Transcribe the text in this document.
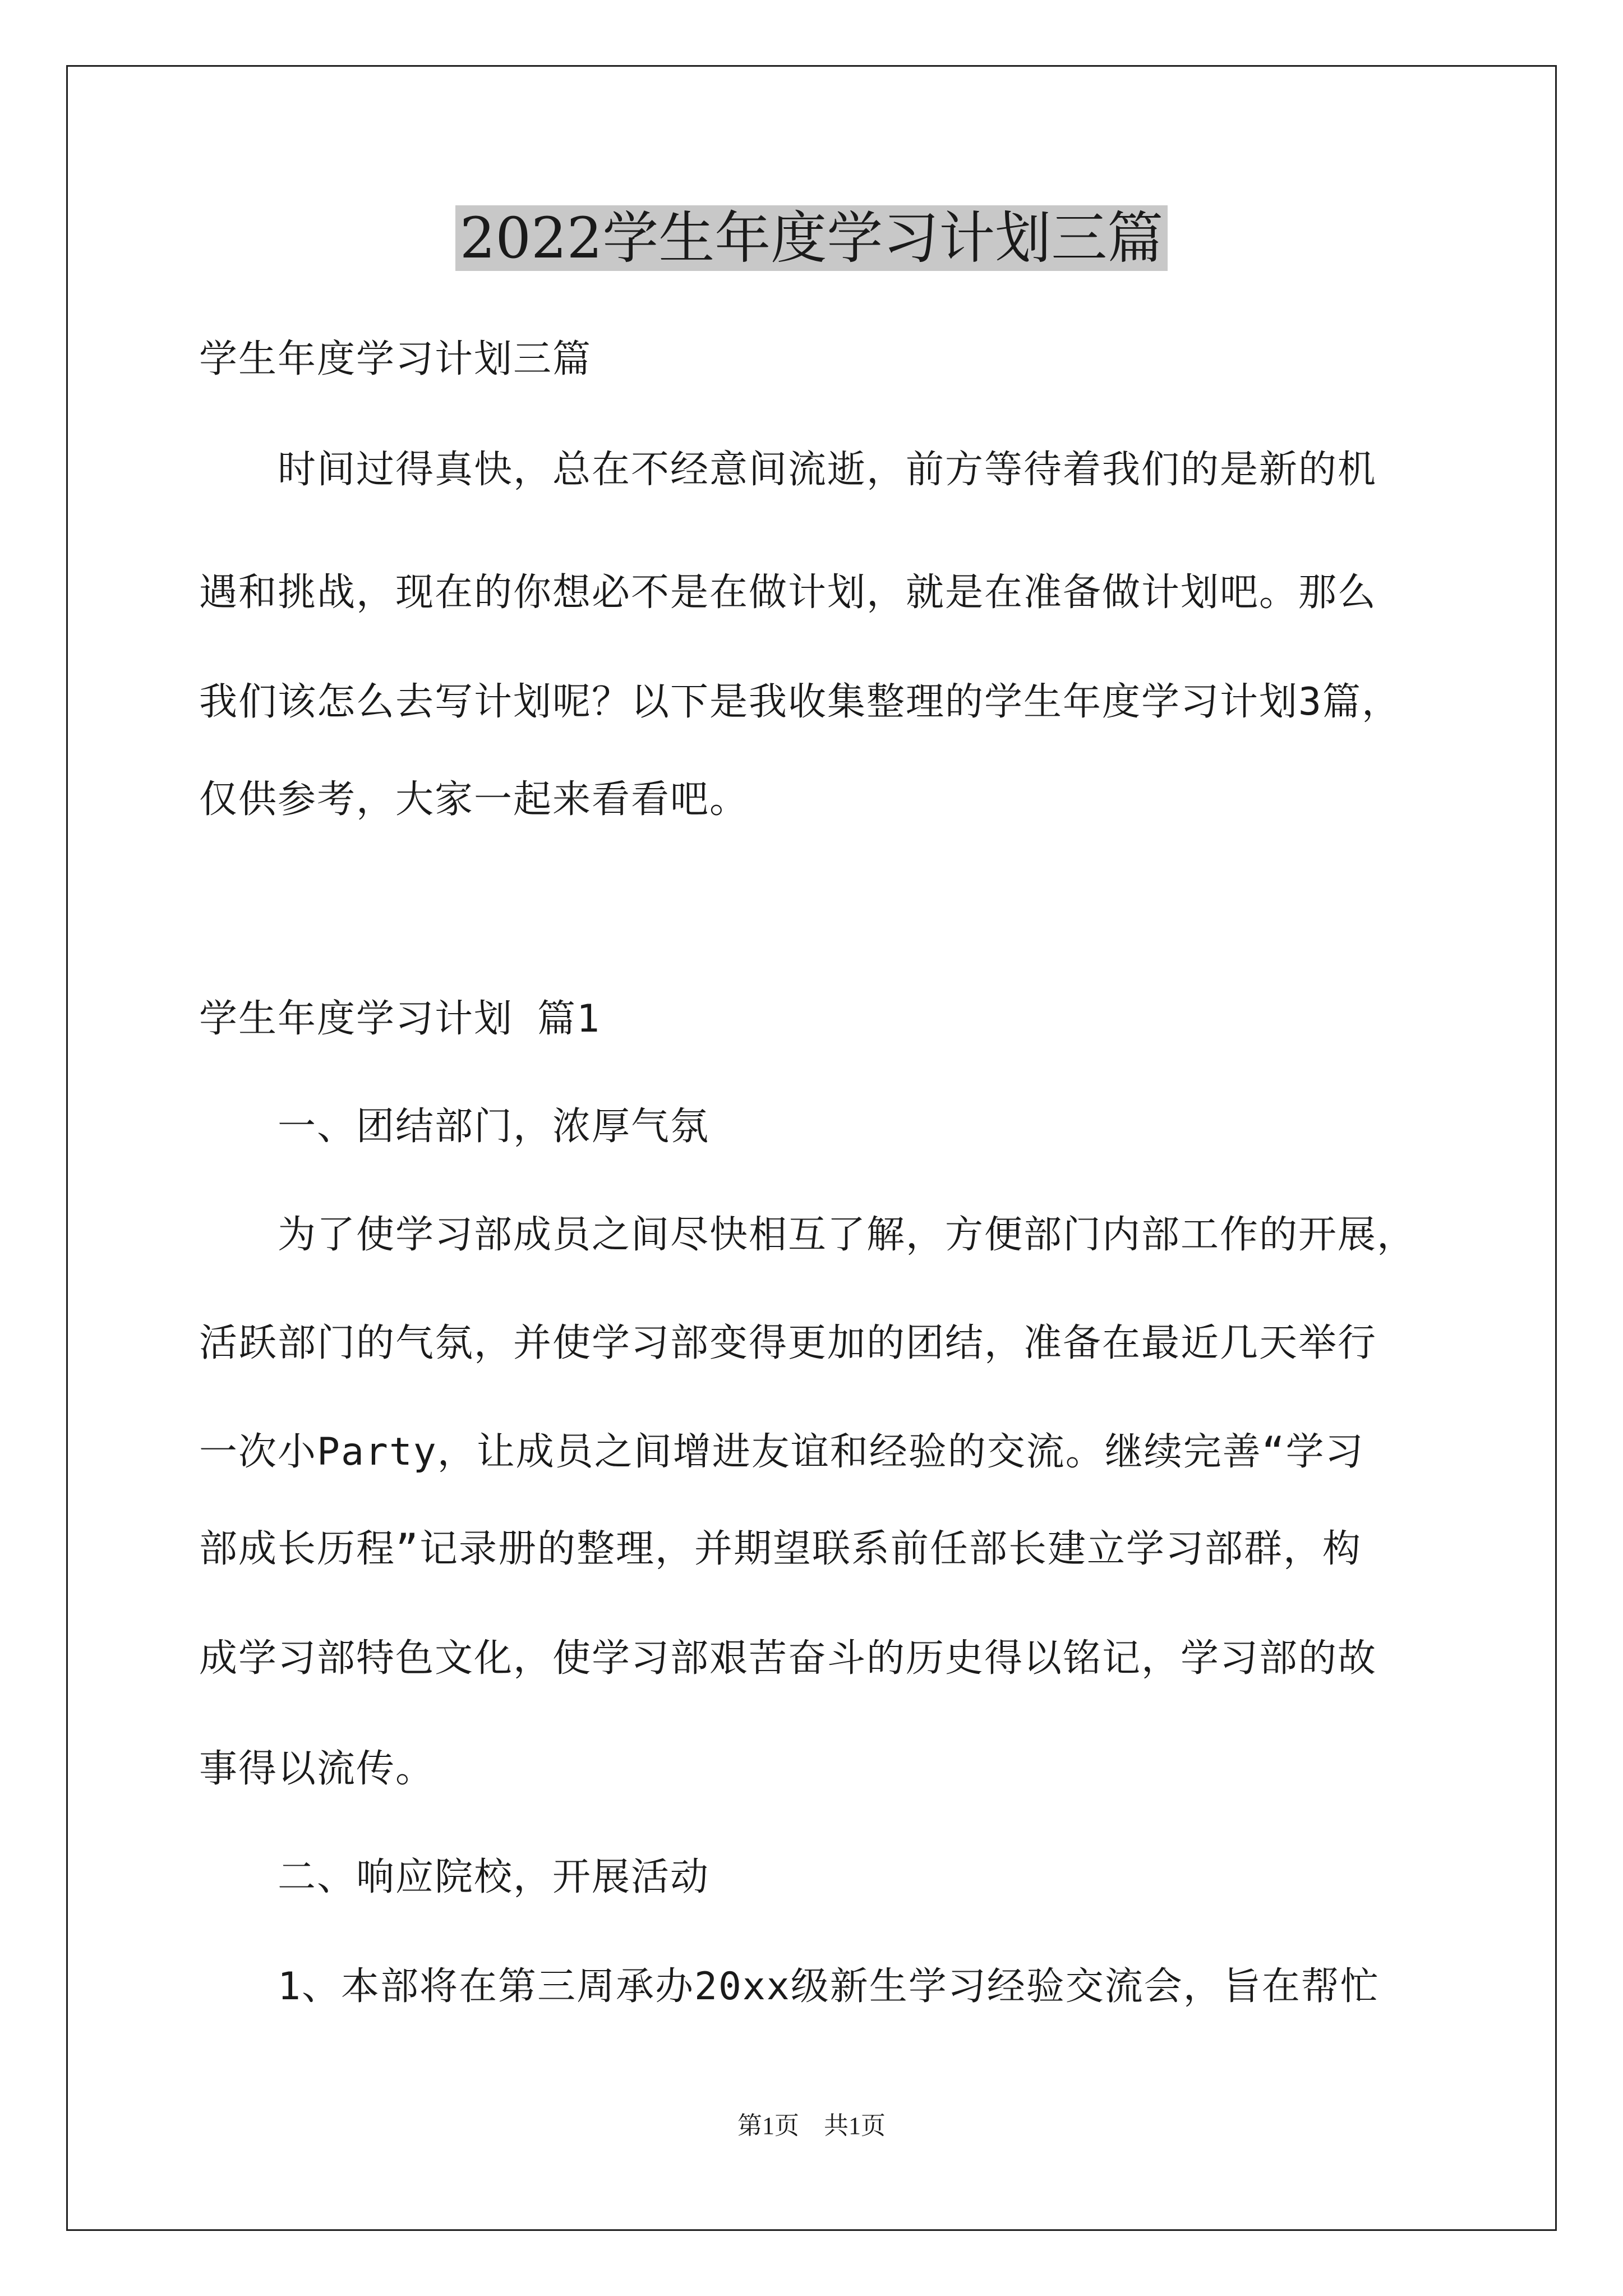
2022学生年度学习计划三篇
学生年度学习计划三篇
　　时间过得真快，总在不经意间流逝，前方等待着我们的是新的机
遇和挑战，现在的你想必不是在做计划，就是在准备做计划吧。那么
我们该怎么去写计划呢？以下是我收集整理的学生年度学习计划3篇，
仅供参考，大家一起来看看吧。
学生年度学习计划 篇1
　　一、团结部门，浓厚气氛
　　为了使学习部成员之间尽快相互了解，方便部门内部工作的开展，
活跃部门的气氛，并使学习部变得更加的团结，准备在最近几天举行
一次小Party，让成员之间增进友谊和经验的交流。继续完善“学习
部成长历程”记录册的整理，并期望联系前任部长建立学习部群，构
成学习部特色文化，使学习部艰苦奋斗的历史得以铭记，学习部的故
事得以流传。
　　二、响应院校，开展活动
　　1、本部将在第三周承办20xx级新生学习经验交流会，旨在帮忙
第1页　共1页
